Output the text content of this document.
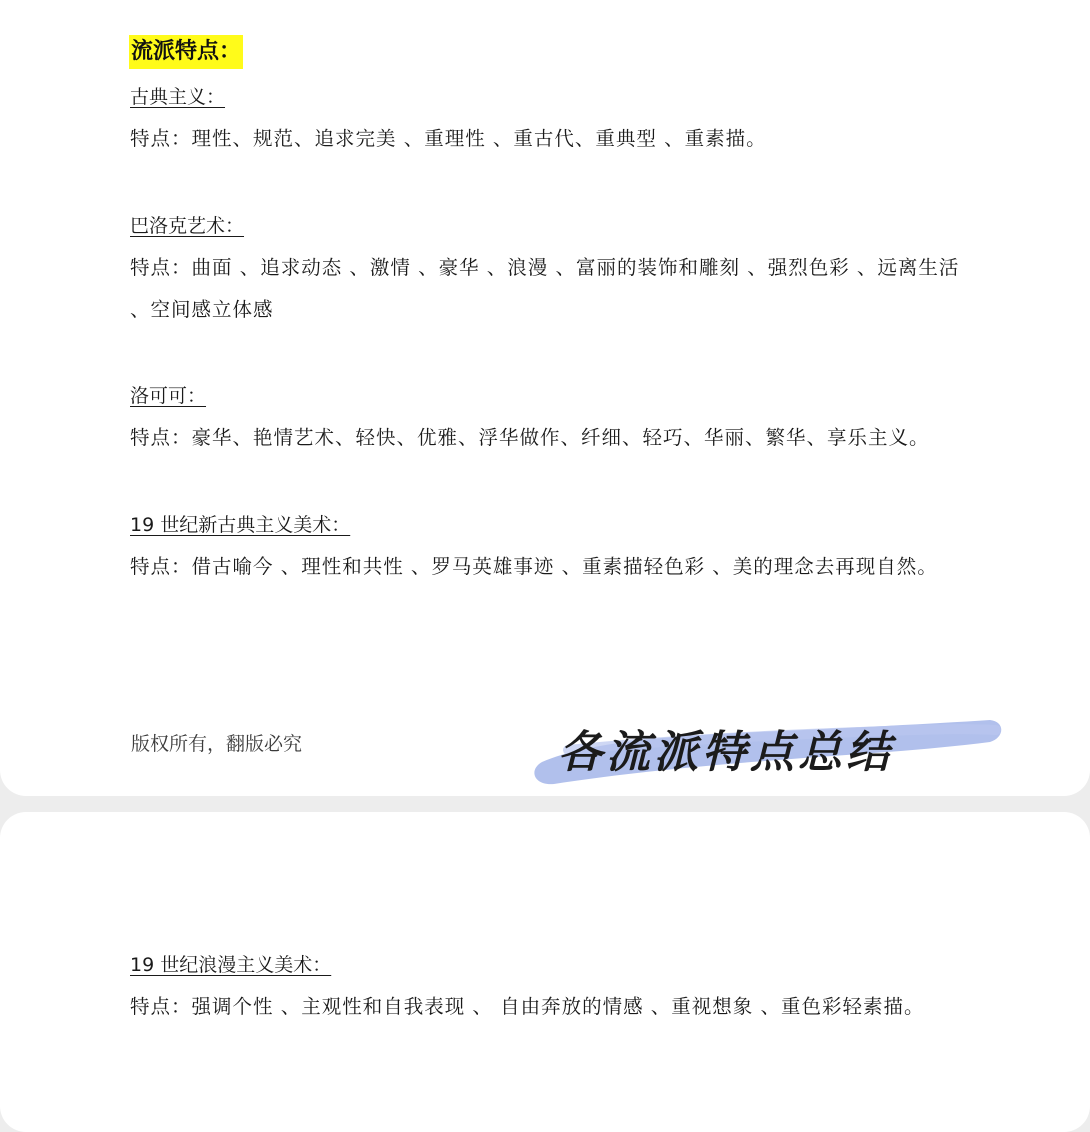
流派特点：
古典主义：
特点：理性、规范、追求完美 、重理性 、重古代、重典型 、重素描。
巴洛克艺术：
特点：曲面 、追求动态 、激情 、豪华 、浪漫 、富丽的装饰和雕刻 、强烈色彩 、远离生活 、空间感立体感
洛可可：
特点：豪华、艳情艺术、轻快、优雅、浮华做作、纤细、轻巧、华丽、繁华、享乐主义。
19 世纪新古典主义美术：
特点：借古喻今 、理性和共性 、罗马英雄事迹 、重素描轻色彩 、美的理念去再现自然。
版权所有，翻版必究	各流派特点总结
19 世纪浪漫主义美术：
特点：强调个性 、主观性和自我表现 、 自由奔放的情感 、重视想象 、重色彩轻素描。
